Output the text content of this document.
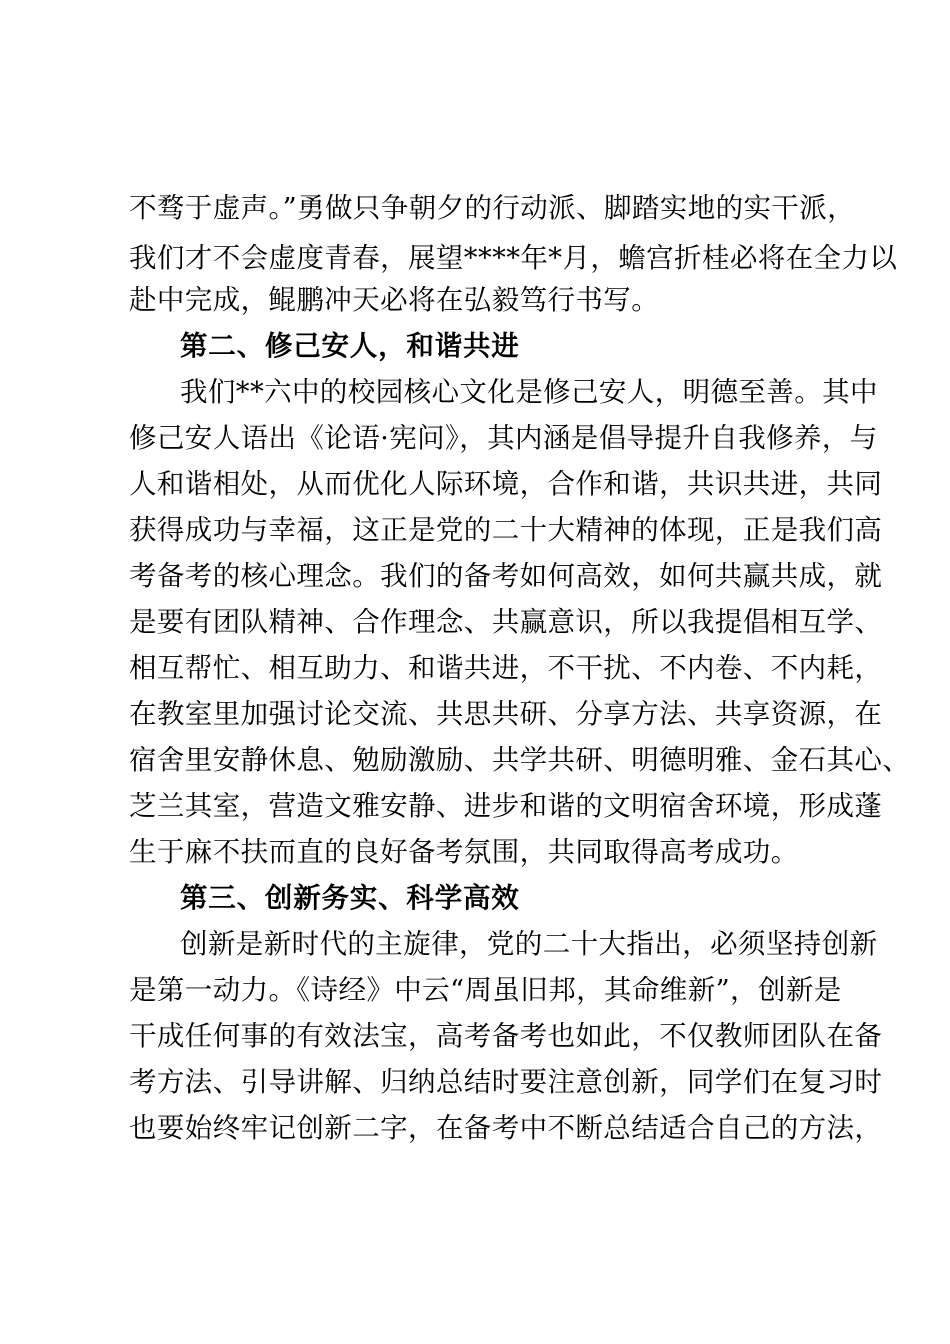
不骛于虚声。”勇做只争朝夕的行动派、脚踏实地的实干派，
我们才不会虚度青春，展望****年*月，蟾宫折桂必将在全力以
赴中完成，鲲鹏冲天必将在弘毅笃行书写。
第二、修己安人，和谐共进
我们**六中的校园核心文化是修己安人，明德至善。其中
修己安人语出《论语·宪问》，其内涵是倡导提升自我修养，与
人和谐相处，从而优化人际环境，合作和谐，共识共进，共同
获得成功与幸福，这正是党的二十大精神的体现，正是我们高
考备考的核心理念。我们的备考如何高效，如何共赢共成，就
是要有团队精神、合作理念、共赢意识，所以我提倡相互学、
相互帮忙、相互助力、和谐共进，不干扰、不内卷、不内耗，
在教室里加强讨论交流、共思共研、分享方法、共享资源，在
宿舍里安静休息、勉励激励、共学共研、明德明雅、金石其心、
芝兰其室，营造文雅安静、进步和谐的文明宿舍环境，形成蓬
生于麻不扶而直的良好备考氛围，共同取得高考成功。
第三、创新务实、科学高效
创新是新时代的主旋律，党的二十大指出，必须坚持创新
是第一动力。《诗经》中云“周虽旧邦，其命维新”，创新是
干成任何事的有效法宝，高考备考也如此，不仅教师团队在备
考方法、引导讲解、归纳总结时要注意创新，同学们在复习时
也要始终牢记创新二字，在备考中不断总结适合自己的方法，
